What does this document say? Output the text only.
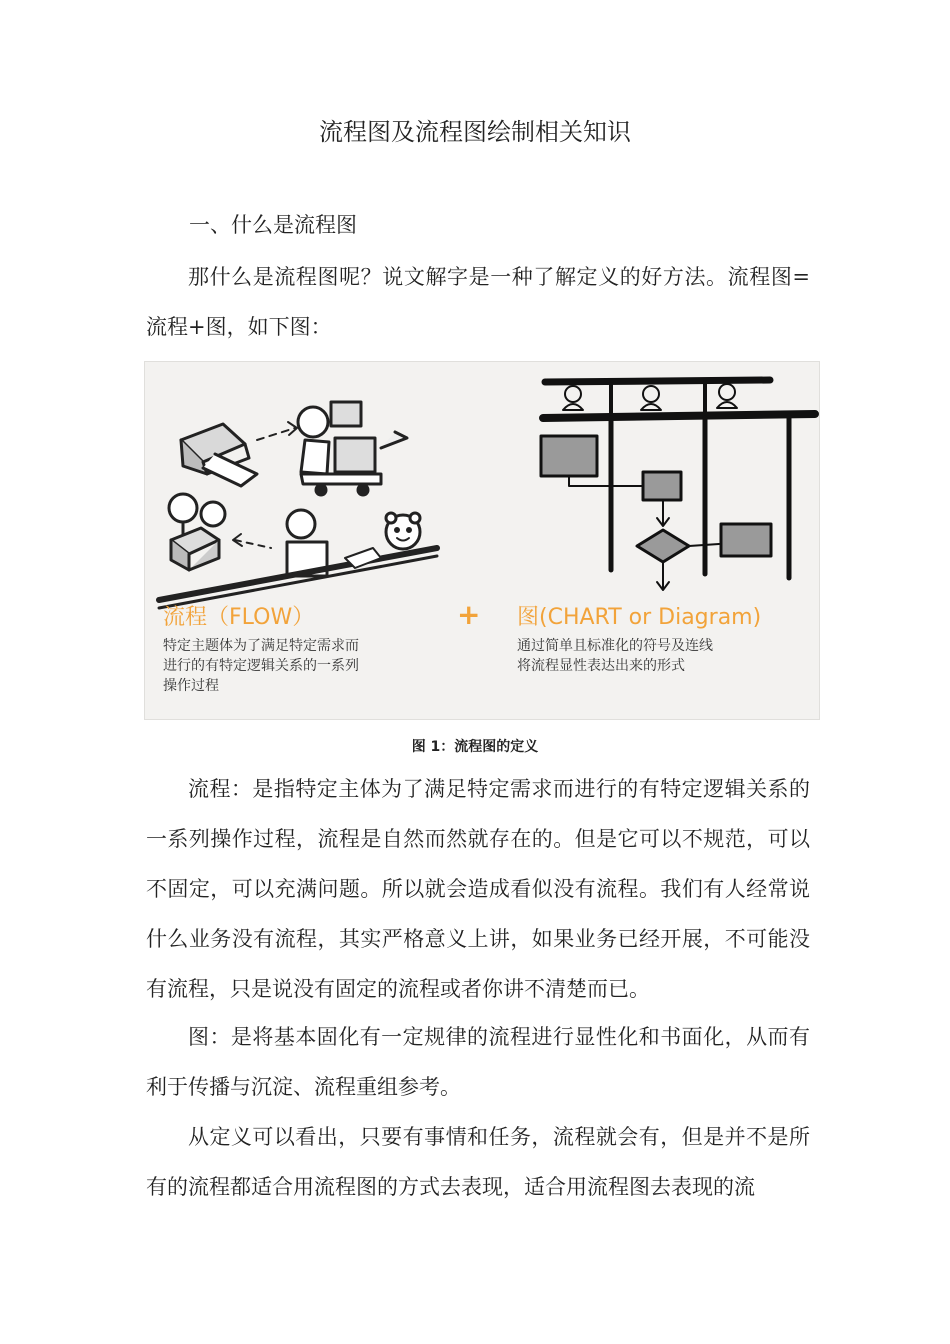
流程图及流程图绘制相关知识
一、什么是流程图

那什么是流程图呢？说文解字是一种了解定义的好方法。流程图=流程+图，如下图：

流程（FLOW）	+ 图(CHART or Diagram)
特定主题体为了满足特定需求而
进行的有特定逻辑关系的一系列
操作过程
通过简单且标准化的符号及连线
将流程显性表达出来的形式
图 1：流程图的定义

流程：是指特定主体为了满足特定需求而进行的有特定逻辑关系的一系列操作过程，流程是自然而然就存在的。但是它可以不规范，可以不固定，可以充满问题。所以就会造成看似没有流程。我们有人经常说什么业务没有流程，其实严格意义上讲，如果业务已经开展，不可能没有流程，只是说没有固定的流程或者你讲不清楚而已。

图：是将基本固化有一定规律的流程进行显性化和书面化，从而有利于传播与沉淀、流程重组参考。

从定义可以看出，只要有事情和任务，流程就会有，但是并不是所有的流程都适合用流程图的方式去表现，适合用流程图去表现的流
